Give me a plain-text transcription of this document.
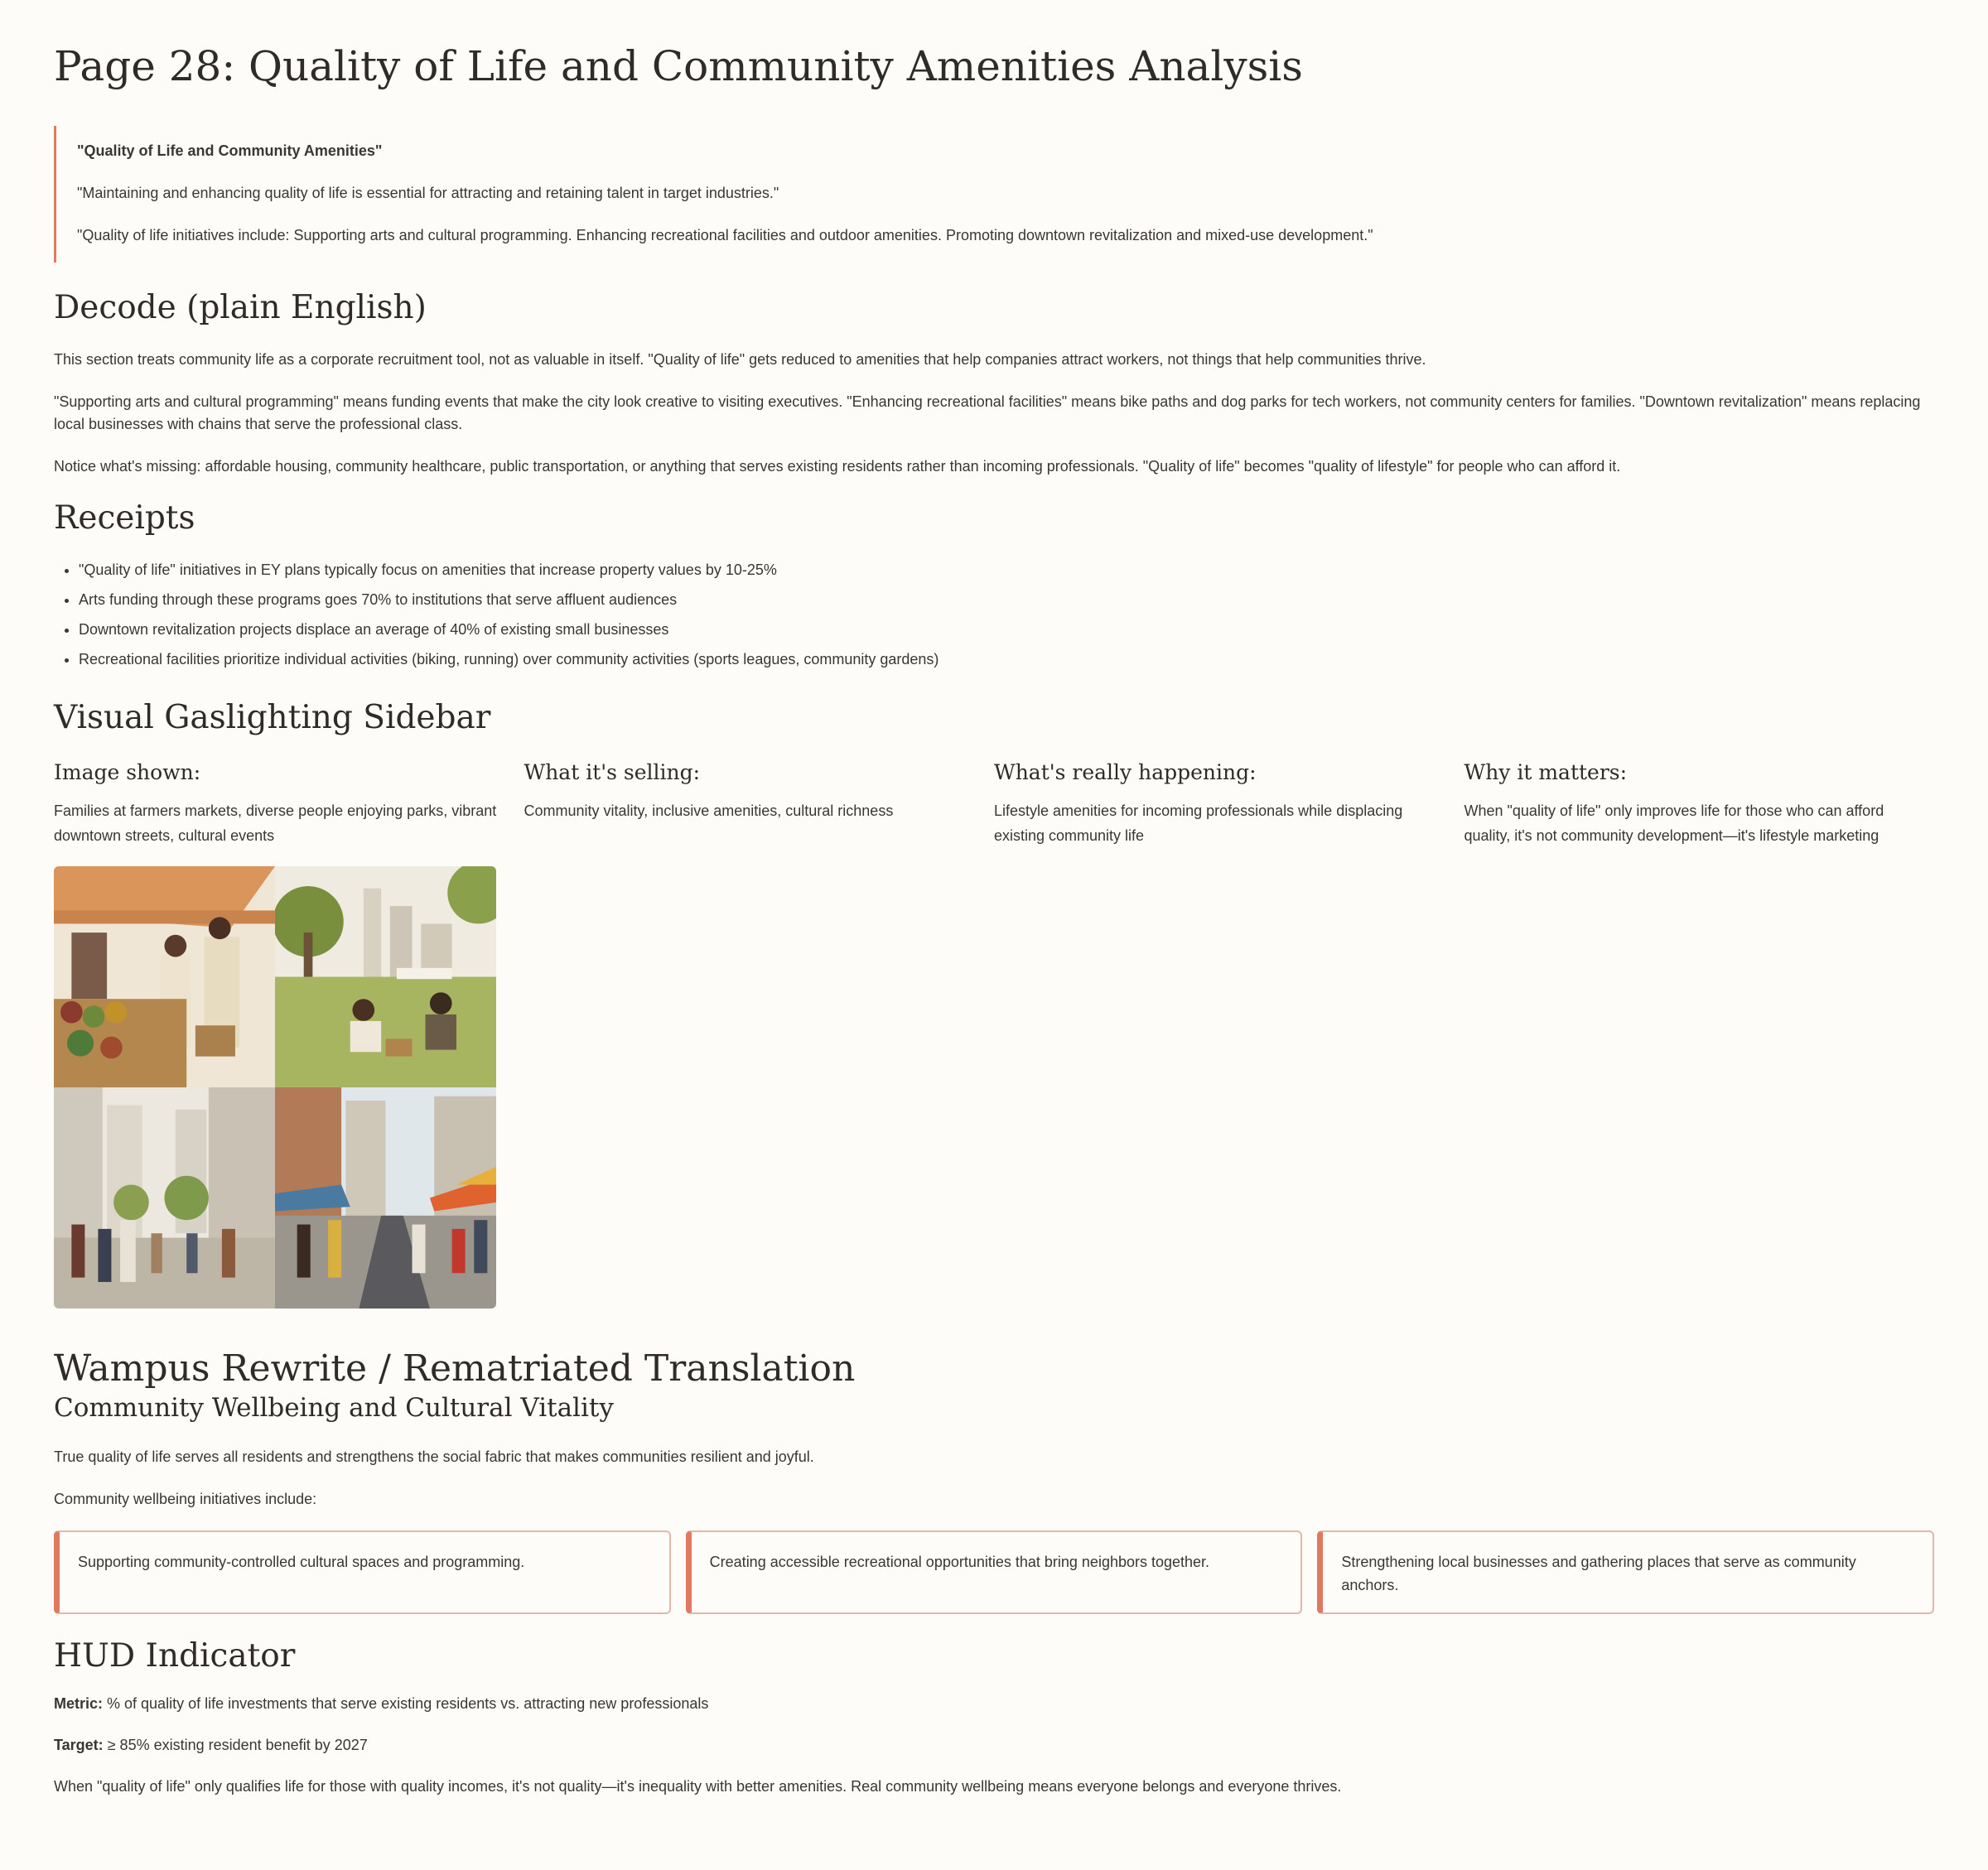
Page 28: Quality of Life and Community Amenities Analysis

"Quality of Life and Community Amenities"

"Maintaining and enhancing quality of life is essential for attracting and retaining talent in target industries."

"Quality of life initiatives include: Supporting arts and cultural programming. Enhancing recreational facilities and outdoor amenities. Promoting downtown revitalization and mixed-use development."

Decode (plain English)

This section treats community life as a corporate recruitment tool, not as valuable in itself. "Quality of life" gets reduced to amenities that help companies attract workers, not things that help communities thrive.

"Supporting arts and cultural programming" means funding events that make the city look creative to visiting executives. "Enhancing recreational facilities" means bike paths and dog parks for tech workers, not community centers for families. "Downtown revitalization" means replacing local businesses with chains that serve the professional class.

Notice what's missing: affordable housing, community healthcare, public transportation, or anything that serves existing residents rather than incoming professionals. "Quality of life" becomes "quality of lifestyle" for people who can afford it.

Receipts
• "Quality of life" initiatives in EY plans typically focus on amenities that increase property values by 10-25%
• Arts funding through these programs goes 70% to institutions that serve affluent audiences
• Downtown revitalization projects displace an average of 40% of existing small businesses
• Recreational facilities prioritize individual activities (biking, running) over community activities (sports leagues, community gardens)
Visual Gaslighting Sidebar
Image shown:

Families at farmers markets, diverse people enjoying parks, vibrant downtown streets, cultural events

What it's selling:

Community vitality, inclusive amenities, cultural richness

What's really happening:

Lifestyle amenities for incoming professionals while displacing existing community life

Why it matters:

When "quality of life" only improves life for those who can afford quality, it's not community development—it's lifestyle marketing

Wampus Rewrite / Rematriated Translation
Community Wellbeing and Cultural Vitality

True quality of life serves all residents and strengthens the social fabric that makes communities resilient and joyful.

Community wellbeing initiatives include:

Supporting community-controlled cultural spaces and programming.	Creating accessible recreational opportunities that bring neighbors together.	Strengthening local businesses and gathering places that serve as community anchors.
HUD Indicator

Metric: % of quality of life investments that serve existing residents vs. attracting new professionals

Target: ≥ 85% existing resident benefit by 2027

When "quality of life" only qualifies life for those with quality incomes, it's not quality—it's inequality with better amenities. Real community wellbeing means everyone belongs and everyone thrives.
